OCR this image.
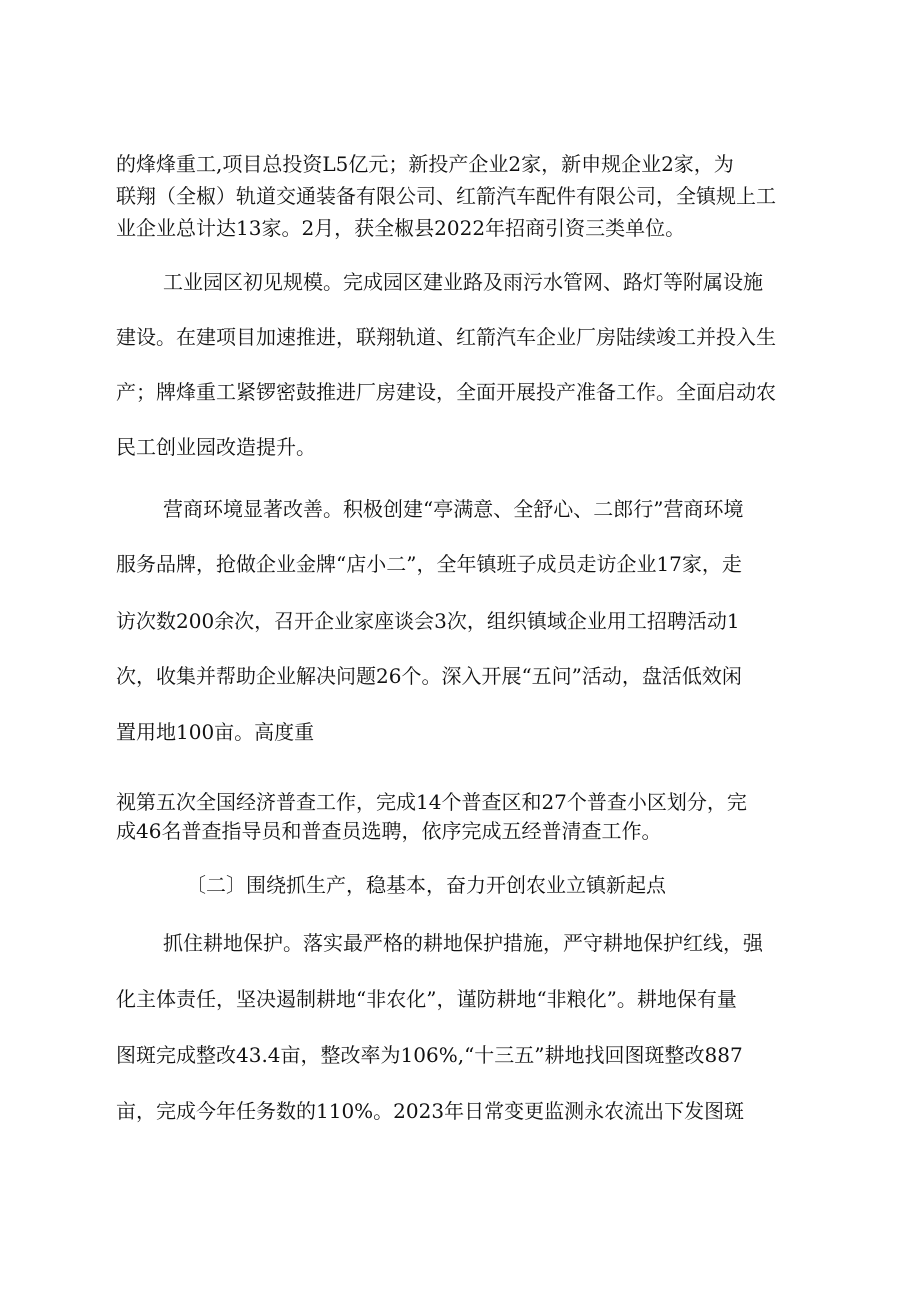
的烽烽重工,项目总投资L5亿元；新投产企业2家，新申规企业2家，为
联翔（全椒）轨道交通装备有限公司、红箭汽车配件有限公司，全镇规上工
业企业总计达13家。2月，获全椒县2022年招商引资三类单位。
工业园区初见规模。完成园区建业路及雨污水管网、路灯等附属设施
建设。在建项目加速推进，联翔轨道、红箭汽车企业厂房陆续竣工并投入生
产；牌烽重工紧锣密鼓推进厂房建设，全面开展投产准备工作。全面启动农
民工创业园改造提升。
营商环境显著改善。积极创建“亭满意、全舒心、二郎行”营商环境
服务品牌，抢做企业金牌“店小二”，全年镇班子成员走访企业17家，走
访次数200余次，召开企业家座谈会3次，组织镇域企业用工招聘活动1
次，收集并帮助企业解决问题26个。深入开展“五问”活动，盘活低效闲
置用地100亩。高度重
视第五次全国经济普查工作，完成14个普查区和27个普查小区划分，完
成46名普查指导员和普查员选聘，依序完成五经普清查工作。
〔二〕围绕抓生产，稳基本，奋力开创农业立镇新起点
抓住耕地保护。落实最严格的耕地保护措施，严守耕地保护红线，强
化主体责任，坚决遏制耕地“非农化”，谨防耕地“非粮化”。耕地保有量
图斑完成整改43.4亩，整改率为106%,“十三五”耕地找回图斑整改887
亩，完成今年任务数的110%。2023年日常变更监测永农流出下发图斑
